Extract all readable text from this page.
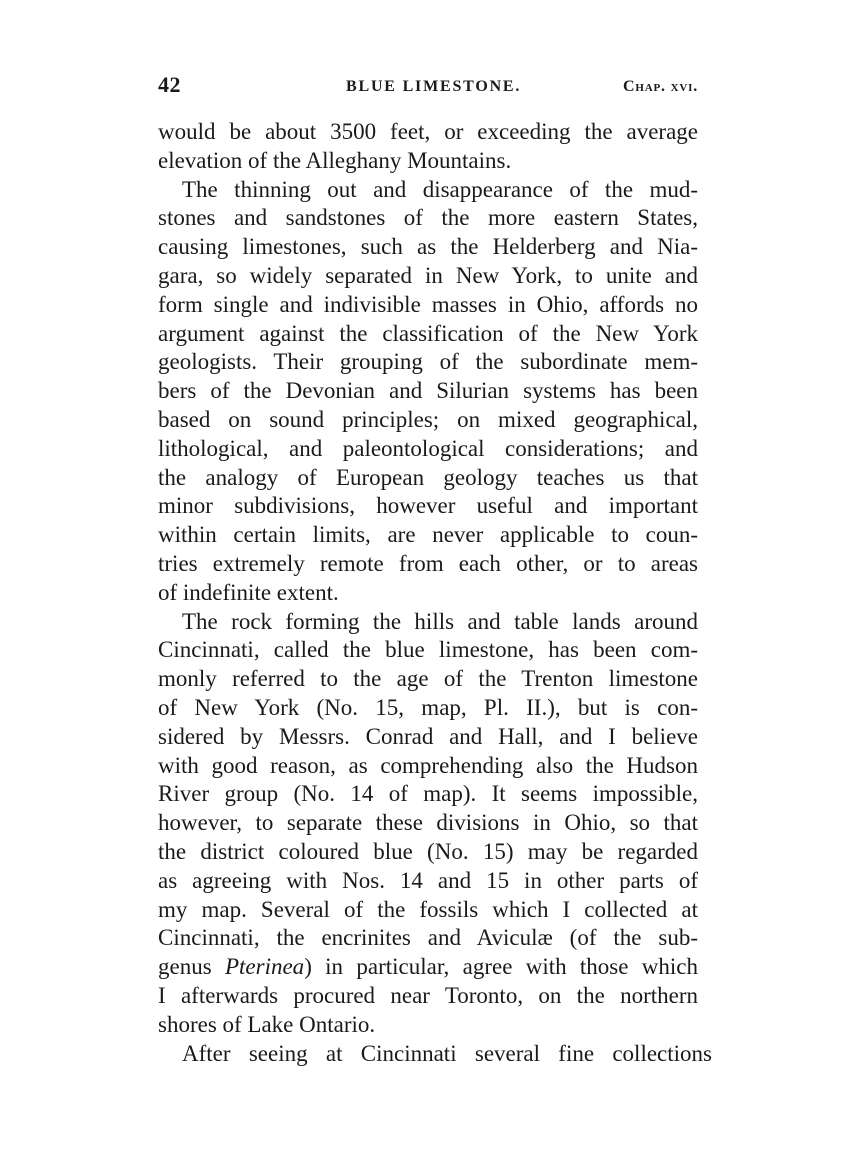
42	BLUE LIMESTONE.	Chap. xvi.
would be about 3500 feet, or exceeding the average
elevation of the Alleghany Mountains.
The thinning out and disappearance of the mud-
stones and sandstones of the more eastern States,
causing limestones, such as the Helderberg and Nia-
gara, so widely separated in New York, to unite and
form single and indivisible masses in Ohio, affords no
argument against the classification of the New York
geologists. Their grouping of the subordinate mem-
bers of the Devonian and Silurian systems has been
based on sound principles; on mixed geographical,
lithological, and paleontological considerations; and
the analogy of European geology teaches us that
minor subdivisions, however useful and important
within certain limits, are never applicable to coun-
tries extremely remote from each other, or to areas
of indefinite extent.
The rock forming the hills and table lands around
Cincinnati, called the blue limestone, has been com-
monly referred to the age of the Trenton limestone
of New York (No. 15, map, Pl. II.), but is con-
sidered by Messrs. Conrad and Hall, and I believe
with good reason, as comprehending also the Hudson
River group (No. 14 of map). It seems impossible,
however, to separate these divisions in Ohio, so that
the district coloured blue (No. 15) may be regarded
as agreeing with Nos. 14 and 15 in other parts of
my map. Several of the fossils which I collected at
Cincinnati, the encrinites and Aviculæ (of the sub-
genus Pterinea) in particular, agree with those which
I afterwards procured near Toronto, on the northern
shores of Lake Ontario.
After seeing at Cincinnati several fine collections
